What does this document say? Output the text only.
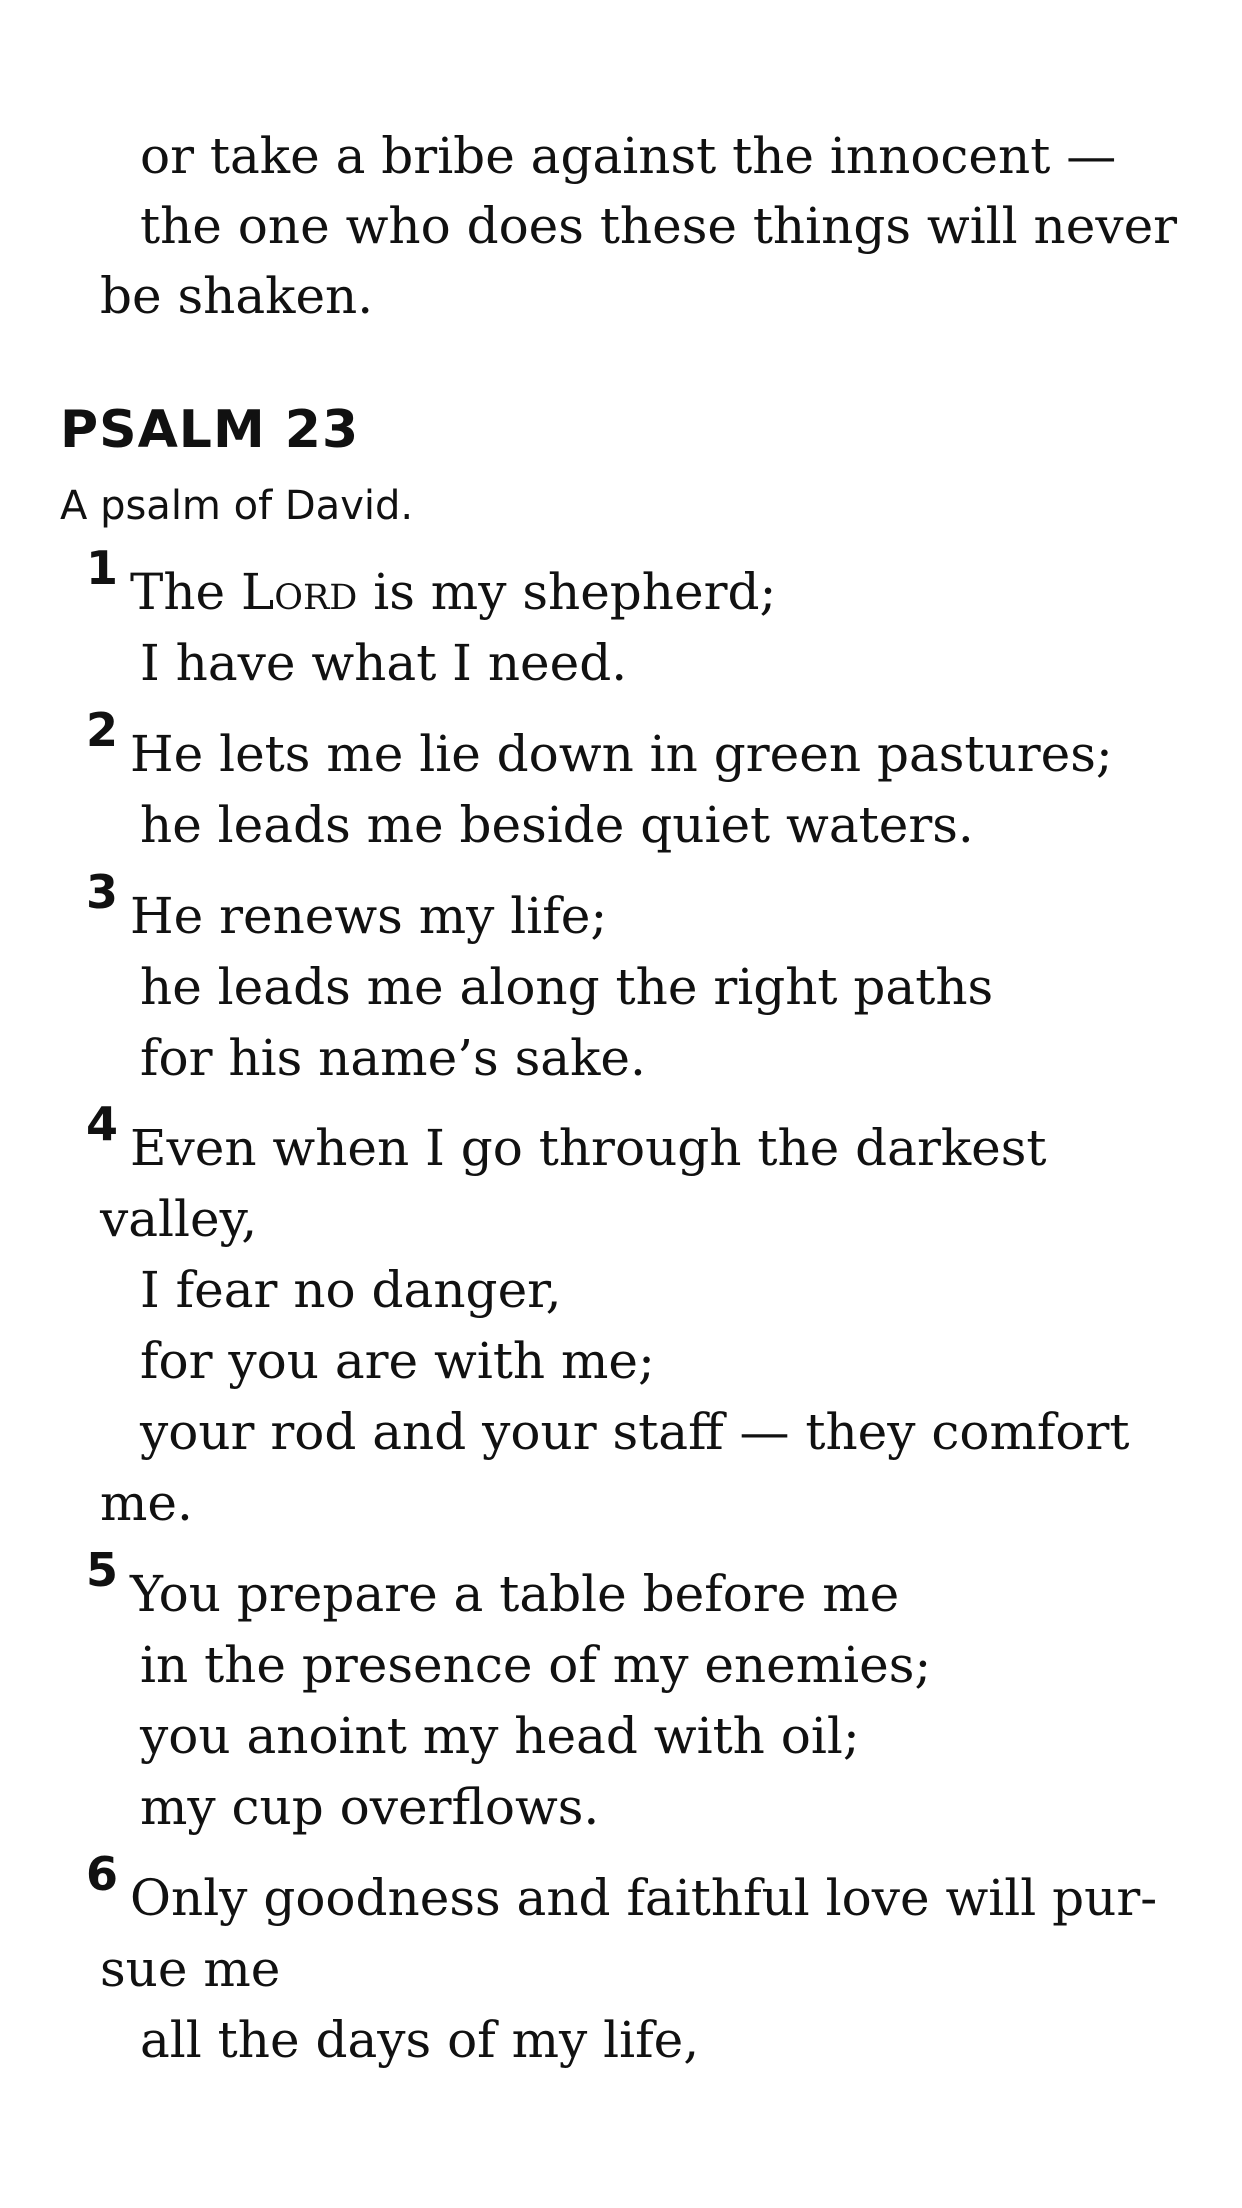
or take a bribe against the innocent —
the one who does these things will never
be shaken.
PSALM 23
A psalm of David.
1 The Lord is my shepherd;
I have what I need.
2 He lets me lie down in green pastures;
he leads me beside quiet waters.
3 He renews my life;
he leads me along the right paths
for his name’s sake.
4 Even when I go through the darkest
valley,
I fear no danger,
for you are with me;
your rod and your staff — they comfort
me.
5 You prepare a table before me
in the presence of my enemies;
you anoint my head with oil;
my cup overflows.
6 Only goodness and faithful love will pur-
sue me
all the days of my life,
